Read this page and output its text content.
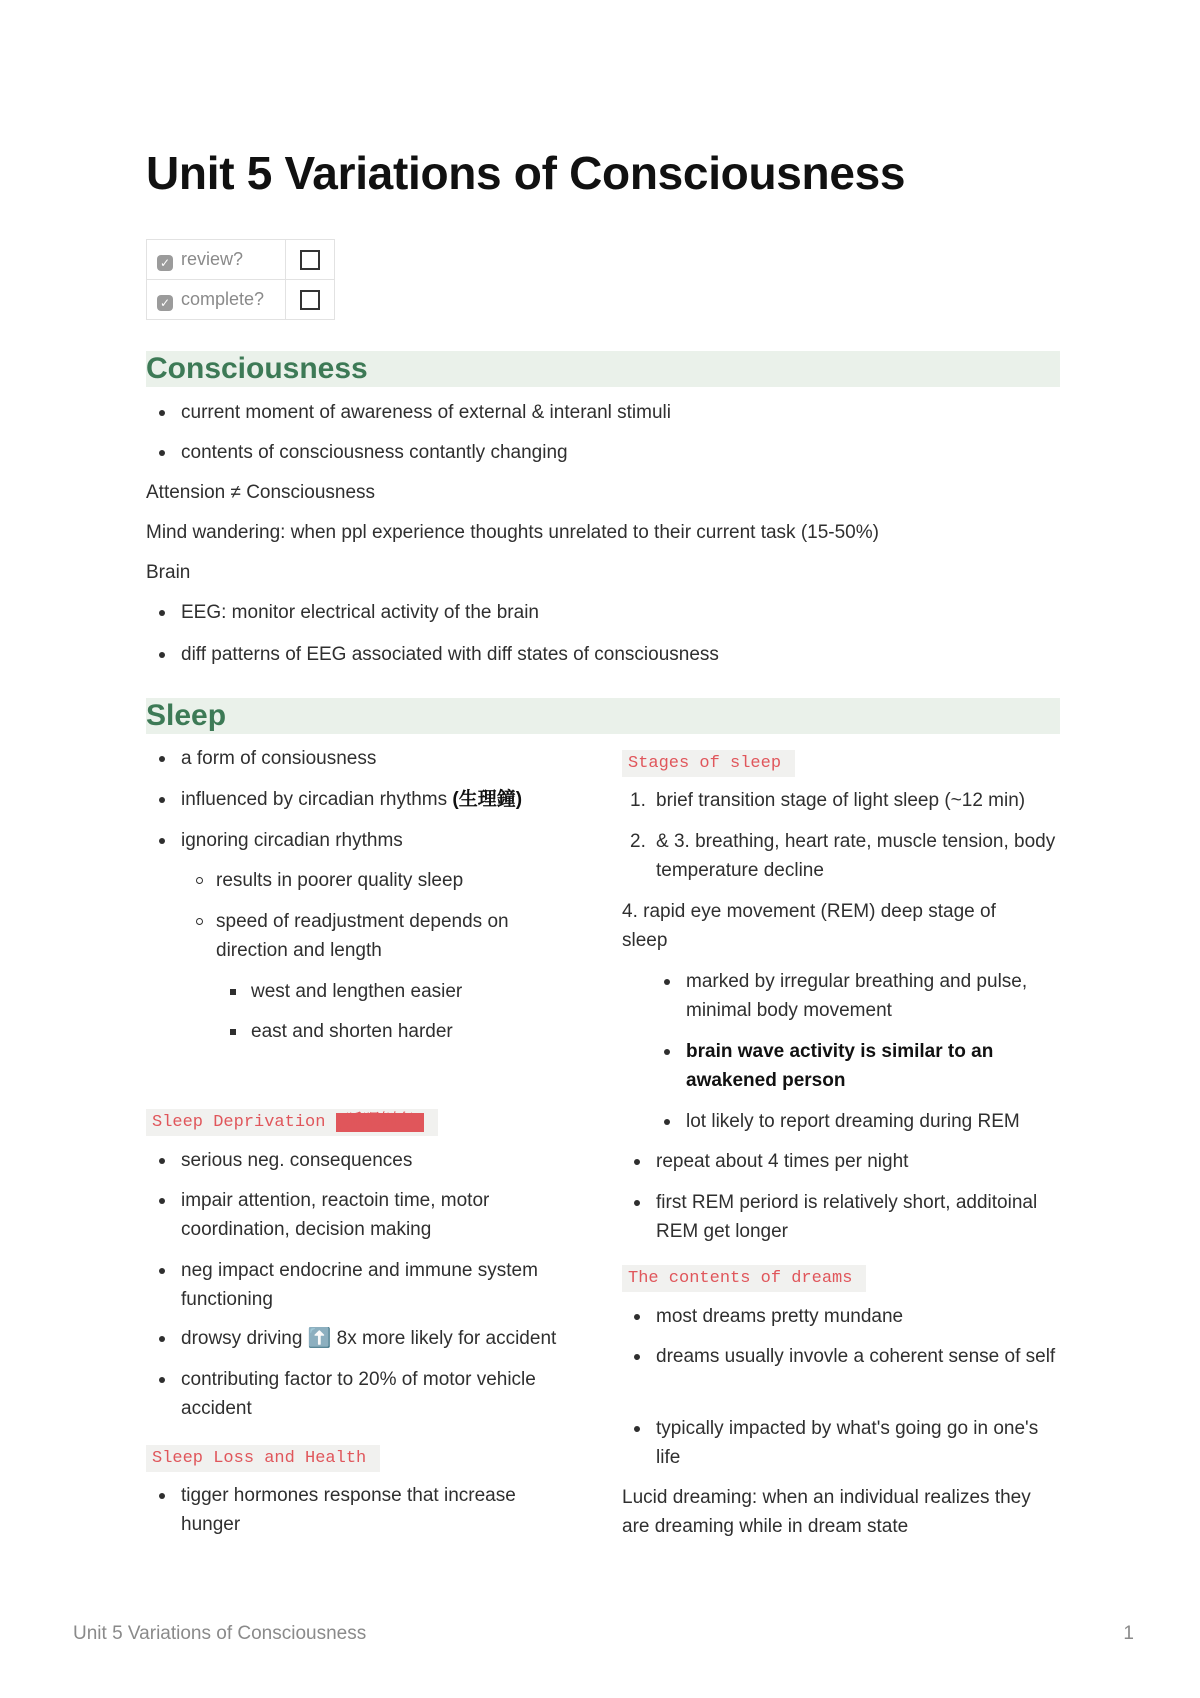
Unit 5 Variations of Consciousness
✓ review?	
✓ complete?	
Consciousness
current moment of awareness of external & interanl stimuli
contents of consciousness contantly changing
Attension ≠ Consciousness
Mind wandering: when ppl experience thoughts unrelated to their current task (15-50%)
Brain
EEG: monitor electrical activity of the brain
diff patterns of EEG associated with diff states of consciousness
Sleep
a form of consiousness
influenced by circadian rhythms (生理鐘)
ignoring circadian rhythms
results in poorer quality sleep
speed of readjustment depends on direction and length
west and lengthen easier
east and shorten harder
Sleep Deprivation (睡眠剝奪)
serious neg. consequences
impair attention, reactoin time, motor coordination, decision making
neg impact endocrine and immune system functioning
drowsy driving ⬆️ 8x more likely for accident
contributing factor to 20% of motor vehicle accident
Sleep Loss and Health
tigger hormones response that increase hunger
Stages of sleep
1. brief transition stage of light sleep (~12 min)
2. & 3. breathing, heart rate, muscle tension, body temperature decline
4. rapid eye movement (REM) deep stage of sleep
marked by irregular breathing and pulse, minimal body movement
brain wave activity is similar to an awakened person
lot likely to report dreaming during REM
repeat about 4 times per night
first REM periord is relatively short, additoinal REM get longer
The contents of dreams
most dreams pretty mundane
dreams usually invovle a coherent sense of self
typically impacted by what's going go in one's life
Lucid dreaming: when an individual realizes they are dreaming while in dream state
Unit 5 Variations of Consciousness	1
